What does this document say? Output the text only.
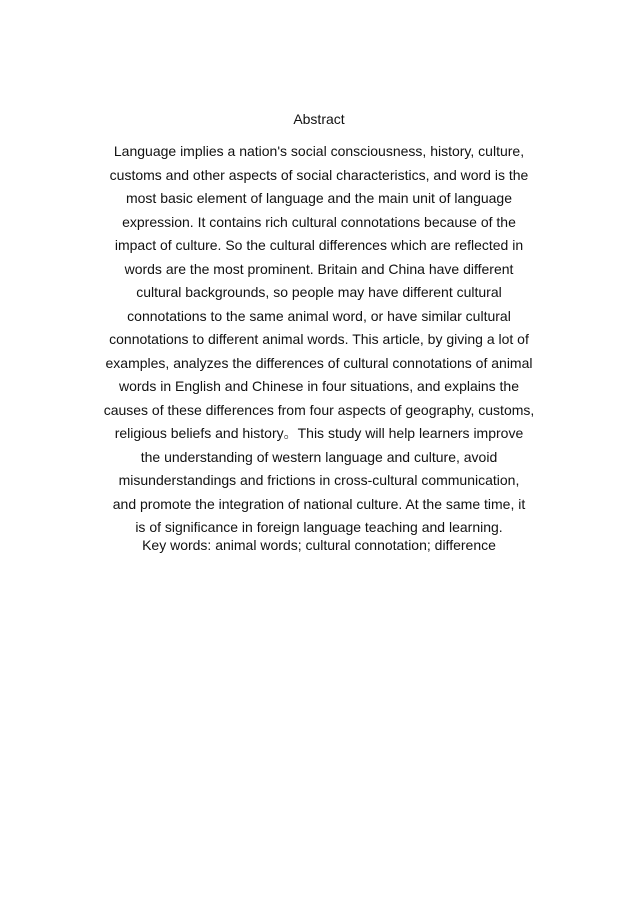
Abstract

Language implies a nation's social consciousness, history, culture,
customs and other aspects of social characteristics, and word is the
most basic element of language and the main unit of language
expression. It contains rich cultural connotations because of the
impact of culture. So the cultural differences which are reflected in
words are the most prominent. Britain and China have different
cultural backgrounds, so people may have different cultural
connotations to the same animal word, or have similar cultural
connotations to different animal words. This article, by giving a lot of
examples, analyzes the differences of cultural connotations of animal
words in English and Chinese in four situations, and explains the
causes of these differences from four aspects of geography, customs,
religious beliefs and history。This study will help learners improve
the understanding of western language and culture, avoid
misunderstandings and frictions in cross-cultural communication,
and promote the integration of national culture. At the same time, it
is of significance in foreign language teaching and learning.

Key words: animal words; cultural connotation; difference
